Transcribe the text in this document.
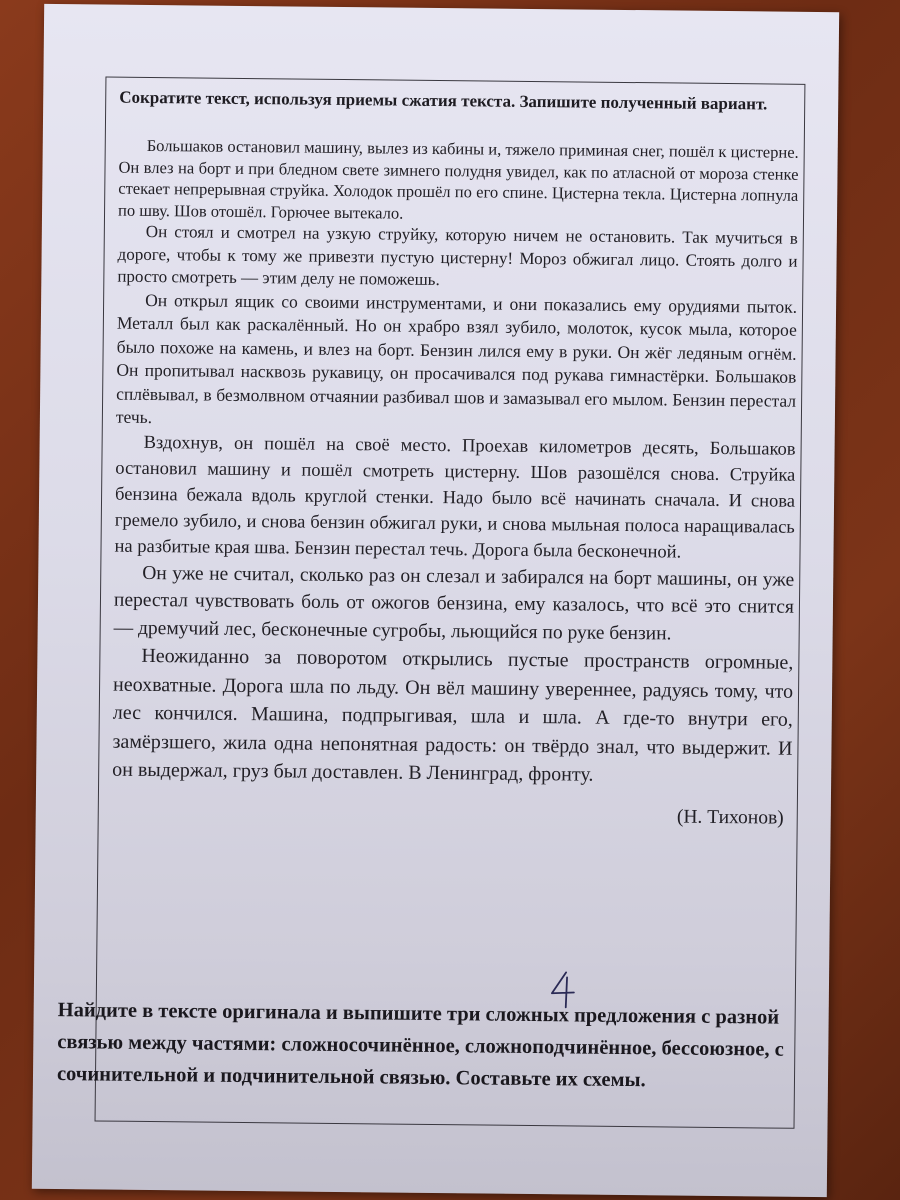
Сократите текст, используя приемы сжатия текста. Запишите полученный вариант.

Большаков остановил машину, вылез из кабины и, тяжело приминая снег, пошёл к цистерне. Он влез на борт и при бледном свете зимнего полудня увидел, как по атласной от мороза стенке стекает непрерывная струйка. Холодок прошёл по его спине. Цистерна текла. Цистерна лопнула по шву. Шов отошёл. Горючее вытекало.

Он стоял и смотрел на узкую струйку, которую ничем не остановить. Так мучиться в дороге, чтобы к тому же привезти пустую цистерну! Мороз обжигал лицо. Стоять долго и просто смотреть — этим делу не поможешь.

Он открыл ящик со своими инструментами, и они показались ему орудиями пыток. Металл был как раскалённый. Но он храбро взял зубило, молоток, кусок мыла, которое было похоже на камень, и влез на борт. Бензин лился ему в руки. Он жёг ледяным огнём. Он пропитывал насквозь рукавицу, он просачивался под рукава гимнастёрки. Большаков сплёвывал, в безмолвном отчаянии разбивал шов и замазывал его мылом. Бензин перестал течь.

Вздохнув, он пошёл на своё место. Проехав километров десять, Большаков остановил машину и пошёл смотреть цистерну. Шов разошёлся снова. Струйка бензина бежала вдоль круглой стенки. Надо было всё начинать сначала. И снова гремело зубило, и снова бензин обжигал руки, и снова мыльная полоса наращивалась на разбитые края шва. Бензин перестал течь. Дорога была бесконечной.

Он уже не считал, сколько раз он слезал и забирался на борт машины, он уже перестал чувствовать боль от ожогов бензина, ему казалось, что всё это снится — дремучий лес, бесконечные сугробы, льющийся по руке бензин.

Неожиданно за поворотом открылись пустые пространств огромные, неохватные. Дорога шла по льду. Он вёл машину увереннее, радуясь тому, что лес кончился. Машина, подпрыгивая, шла и шла. А где-то внутри его, замёрзшего, жила одна непонятная радость: он твёрдо знал, что выдержит. И он выдержал, груз был доставлен. В Ленинград, фронту.

(Н. Тихонов)
Найдите в тексте оригинала и выпишите три сложных предложения с разной связью между частями: сложносочинённое, сложноподчинённое, бессоюзное, с сочинительной и подчинительной связью. Составьте их схемы.
